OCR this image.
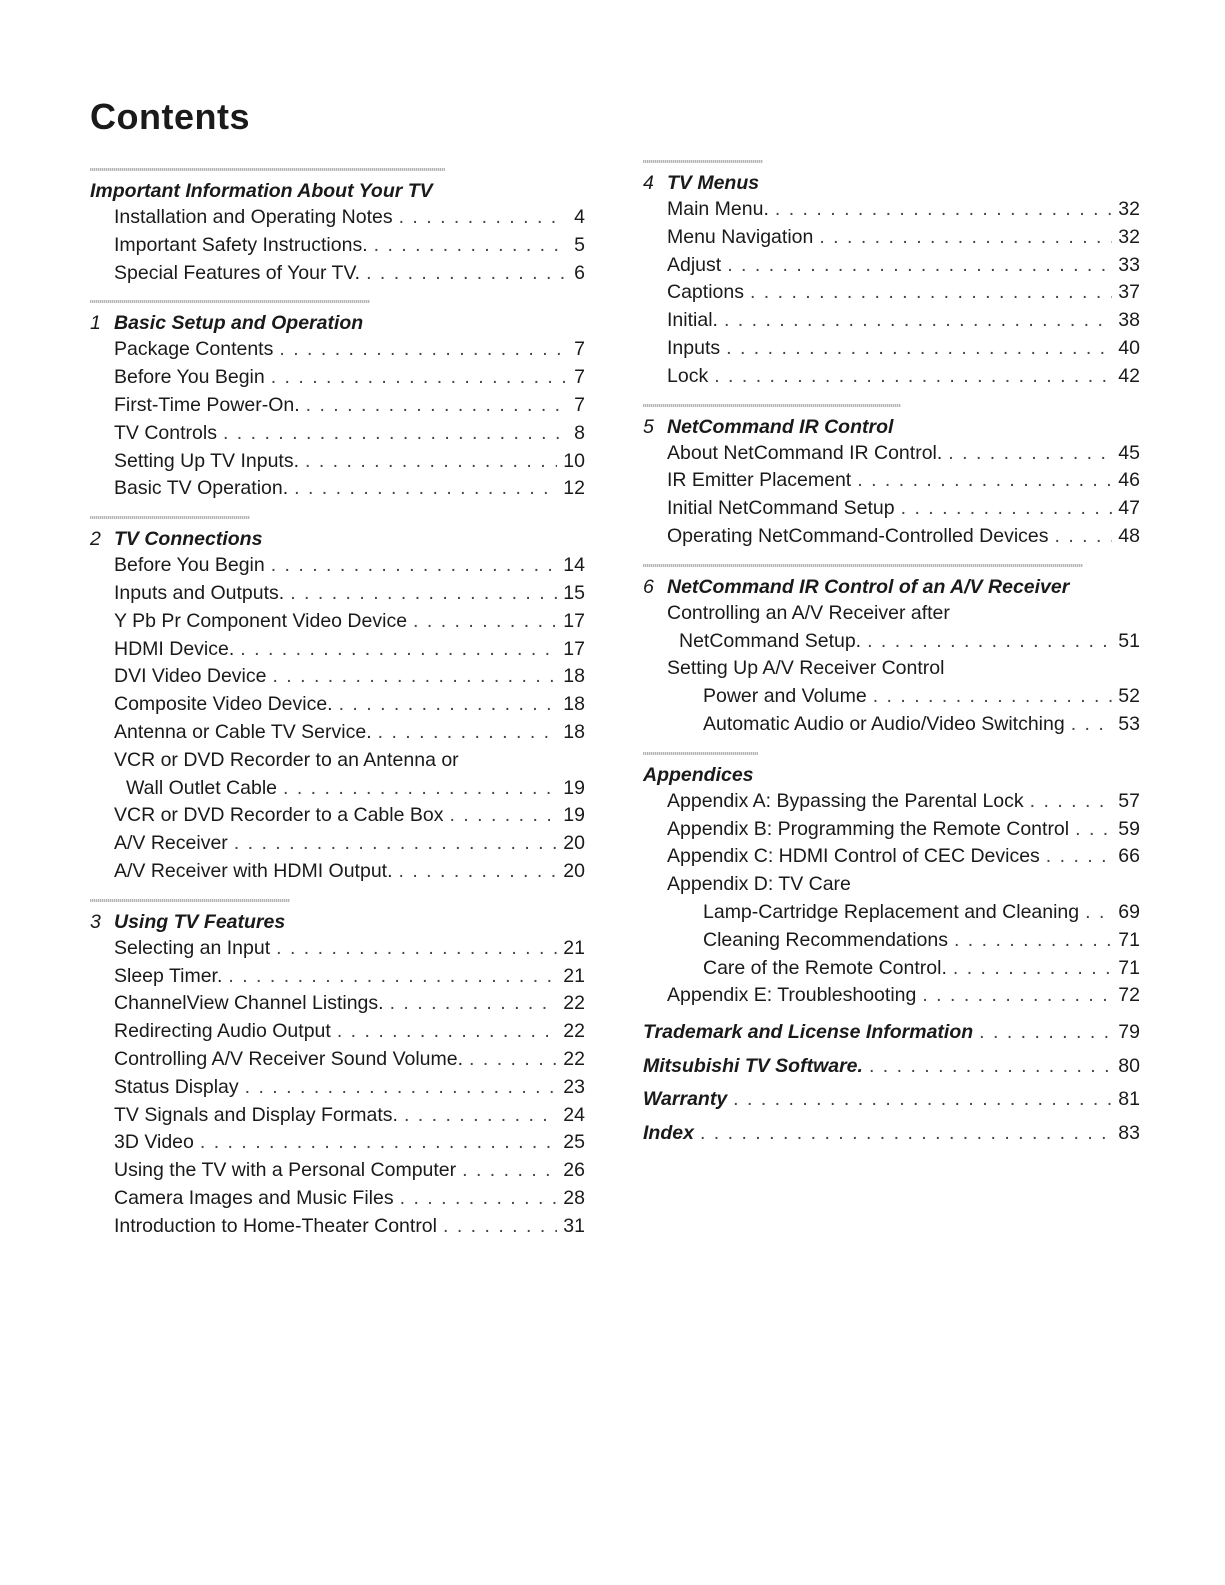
Contents
Important Information About Your TV
Installation and Operating Notes . . .	4
Important Safety Instructions. . . .	5
Special Features of Your TV. . . .	6
1 Basic Setup and Operation
Package Contents . . .	7
Before You Begin . . .	7
First-Time Power-On. . . .	7
TV Controls . . .	8
Setting Up TV Inputs. . . .	10
Basic TV Operation. . . .	12
2 TV Connections
Before You Begin . . .	14
Inputs and Outputs. . . .	15
Y Pb Pr Component Video Device . . .	17
HDMI Device. . . .	17
DVI Video Device . . .	18
Composite Video Device. . . .	18
Antenna or Cable TV Service. . . .	18
VCR or DVD Recorder to an Antenna or
Wall Outlet Cable . . .	19
VCR or DVD Recorder to a Cable Box . . .	19
A/V Receiver . . .	20
A/V Receiver with HDMI Output. . . .	20
3 Using TV Features
Selecting an Input . . .	21
Sleep Timer. . . .	21
ChannelView Channel Listings. . . .	22
Redirecting Audio Output . . .	22
Controlling A/V Receiver Sound Volume. . . .	22
Status Display . . .	23
TV Signals and Display Formats. . . .	24
3D Video . . .	25
Using the TV with a Personal Computer . . .	26
Camera Images and Music Files . . .	28
Introduction to Home-Theater Control . . .	31
4 TV Menus
Main Menu. . . .	32
Menu Navigation . . .	32
Adjust . . .	33
Captions . . .	37
Initial. . . .	38
Inputs . . .	40
Lock . . .	42
5 NetCommand IR Control
About NetCommand IR Control. . . .	45
IR Emitter Placement . . .	46
Initial NetCommand Setup . . .	47
Operating NetCommand-Controlled Devices . . .	48
6 NetCommand IR Control of an A/V Receiver
Controlling an A/V Receiver after
NetCommand Setup. . . .	51
Setting Up A/V Receiver Control
Power and Volume . . .	52
Automatic Audio or Audio/Video Switching . . .	53
Appendices
Appendix A: Bypassing the Parental Lock . . .	57
Appendix B: Programming the Remote Control . . .	59
Appendix C: HDMI Control of CEC Devices . . .	66
Appendix D: TV Care
Lamp-Cartridge Replacement and Cleaning . . . 69
Cleaning Recommendations . . .	71
Care of the Remote Control. . . .	71
Appendix E: Troubleshooting . . .	72
Trademark and License Information . . .	79
Mitsubishi TV Software. . . .	80
Warranty . . .	81
Index . . .	83
